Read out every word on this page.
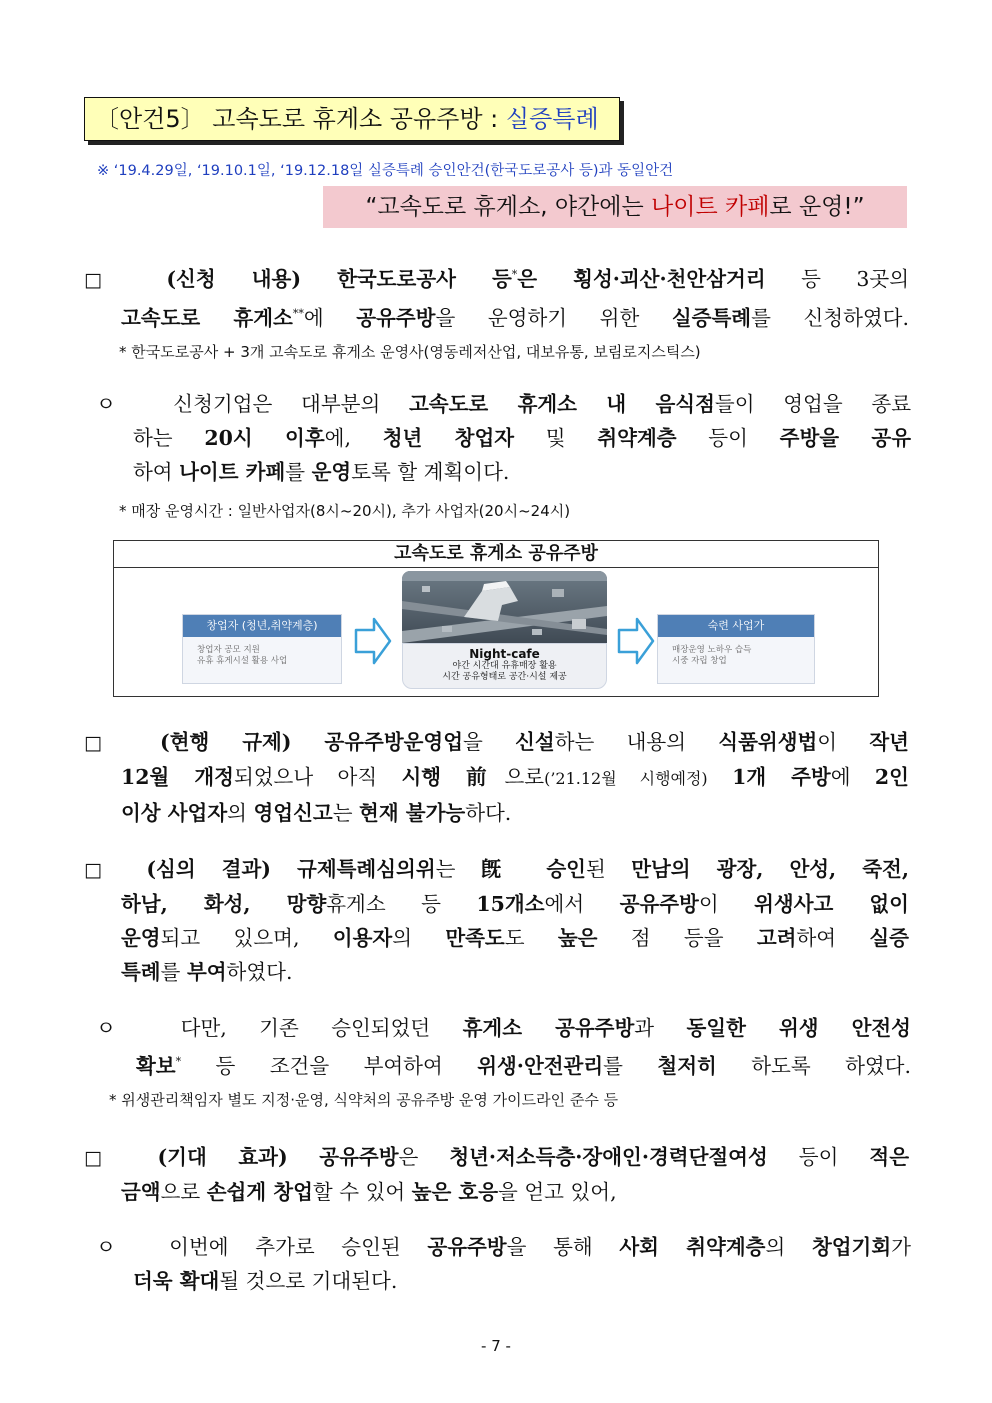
〔안건5〕 고속도로 휴게소 공유주방 : 실증특례
※ ‘19.4.29일, ‘19.10.1일, ‘19.12.18일 실증특례 승인안건(한국도로공사 등)과 동일안건
“고속도로 휴게소, 야간에는 나이트 카페로 운영!”
□ (신청 내용) 한국도로공사 등*은 횡성·괴산·천안삼거리 등 3곳의
고속도로 휴게소**에 공유주방을 운영하기 위한 실증특례를 신청하였다.
* 한국도로공사 + 3개 고속도로 휴게소 운영사(영동레저산업, 대보유통, 보림로지스틱스)
ㅇ	신청기업은 대부분의 고속도로 휴게소 내 음식점들이 영업을 종료
하는 20시 이후에, 청년 창업자 및 취약계층 등이 주방을 공유
하여 나이트 카페를 운영토록 할 계획이다.
* 매장 운영시간 : 일반사업자(8시~20시), 추가 사업자(20시~24시)
고속도로 휴게소 공유주방
창업자 (청년,취약계층)
창업자 공모 지원
유휴 휴게시설 활용 사업	Night-cafe
야간 시간대 유휴매장 활용
시간 공유형태로 공간·시설 제공
숙련 사업가
매장운영 노하우 습득
시중 자립 창업
□ (현행 규제) 공유주방운영업을 신설하는 내용의 식품위생법이 작년
12월 개정되었으나 아직 시행 前으로(’21.12월 시행예정) 1개 주방에 2인
이상 사업자의 영업신고는 현재 불가능하다.
□ (심의 결과) 규제특례심의위는 旣 승인된 만남의 광장, 안성, 죽전,
하남, 화성, 망향휴게소 등 15개소에서 공유주방이 위생사고 없이
운영되고 있으며, 이용자의 만족도도 높은 점 등을 고려하여 실증
특례를 부여하였다.
ㅇ	다만, 기존 승인되었던 휴게소 공유주방과 동일한 위생 안전성
확보* 등 조건을 부여하여 위생·안전관리를 철저히 하도록 하였다.
* 위생관리책임자 별도 지정·운영, 식약처의 공유주방 운영 가이드라인 준수 등
□ (기대 효과) 공유주방은 청년·저소득층·장애인·경력단절여성 등이 적은
금액으로 손쉽게 창업할 수 있어 높은 호응을 얻고 있어,
ㅇ	이번에 추가로 승인된 공유주방을 통해 사회 취약계층의 창업기회가
더욱 확대될 것으로 기대된다.
- 7 -
